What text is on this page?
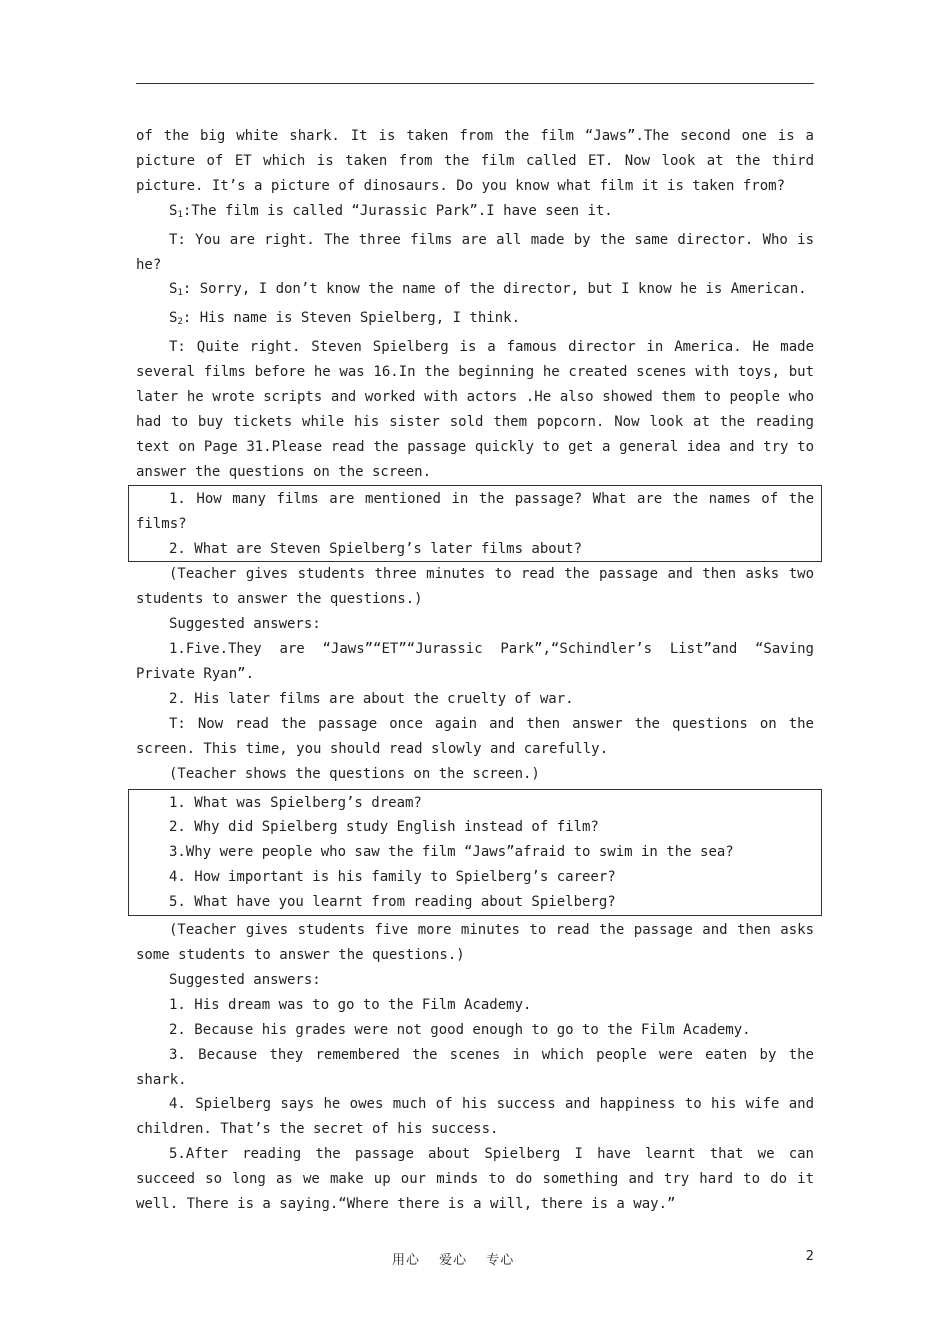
of the big white shark. It is taken from the film “Jaws”.The second one is a picture of ET which is taken from the film called ET. Now look at the third picture. It’s a picture of dinosaurs. Do you know what film it is taken from?

$S_1:The$ film is called “Jurassic Park”.I have seen it.

T: You are right. The three films are all made by the same director. Who is he?

$S_1$: Sorry, I don’t know the name of the director, but I know he is American.

$S_2$: His name is Steven Spielberg, I think.

T: Quite right. Steven Spielberg is a famous director in America. He made several films before he was 16.In the beginning he created scenes with toys, but later he wrote scripts and worked with actors .He also showed them to people who had to buy tickets while his sister sold them popcorn. Now look at the reading text on Page 31.Please read the passage quickly to get a general idea and try to answer the questions on the screen.

1. How many films are mentioned in the passage? What are the names of the films?

2. What are Steven Spielberg’s later films about?

(Teacher gives students three minutes to read the passage and then asks two students to answer the questions.)

Suggested answers:

1.Five.They are “Jaws”“ET”“Jurassic Park”,“Schindler’s List”and “Saving Private Ryan”.

2. His later films are about the cruelty of war.

T: Now read the passage once again and then answer the questions on the screen. This time, you should read slowly and carefully.

(Teacher shows the questions on the screen.)

1. What was Spielberg’s dream?

2. Why did Spielberg study English instead of film?

3.Why were people who saw the film “Jaws”afraid to swim in the sea?

4. How important is his family to Spielberg’s career?

5. What have you learnt from reading about Spielberg?

(Teacher gives students five more minutes to read the passage and then asks some students to answer the questions.)

Suggested answers:

1. His dream was to go to the Film Academy.

2. Because his grades were not good enough to go to the Film Academy.

3. Because they remembered the scenes in which people were eaten by the shark.

4. Spielberg says he owes much of his success and happiness to his wife and children. That’s the secret of his success.

5.After reading the passage about Spielberg I have learnt that we can succeed so long as we make up our minds to do something and try hard to do it well. There is a saying.“Where there is a will, there is a way.”

用心　 爱心　 专心	2
